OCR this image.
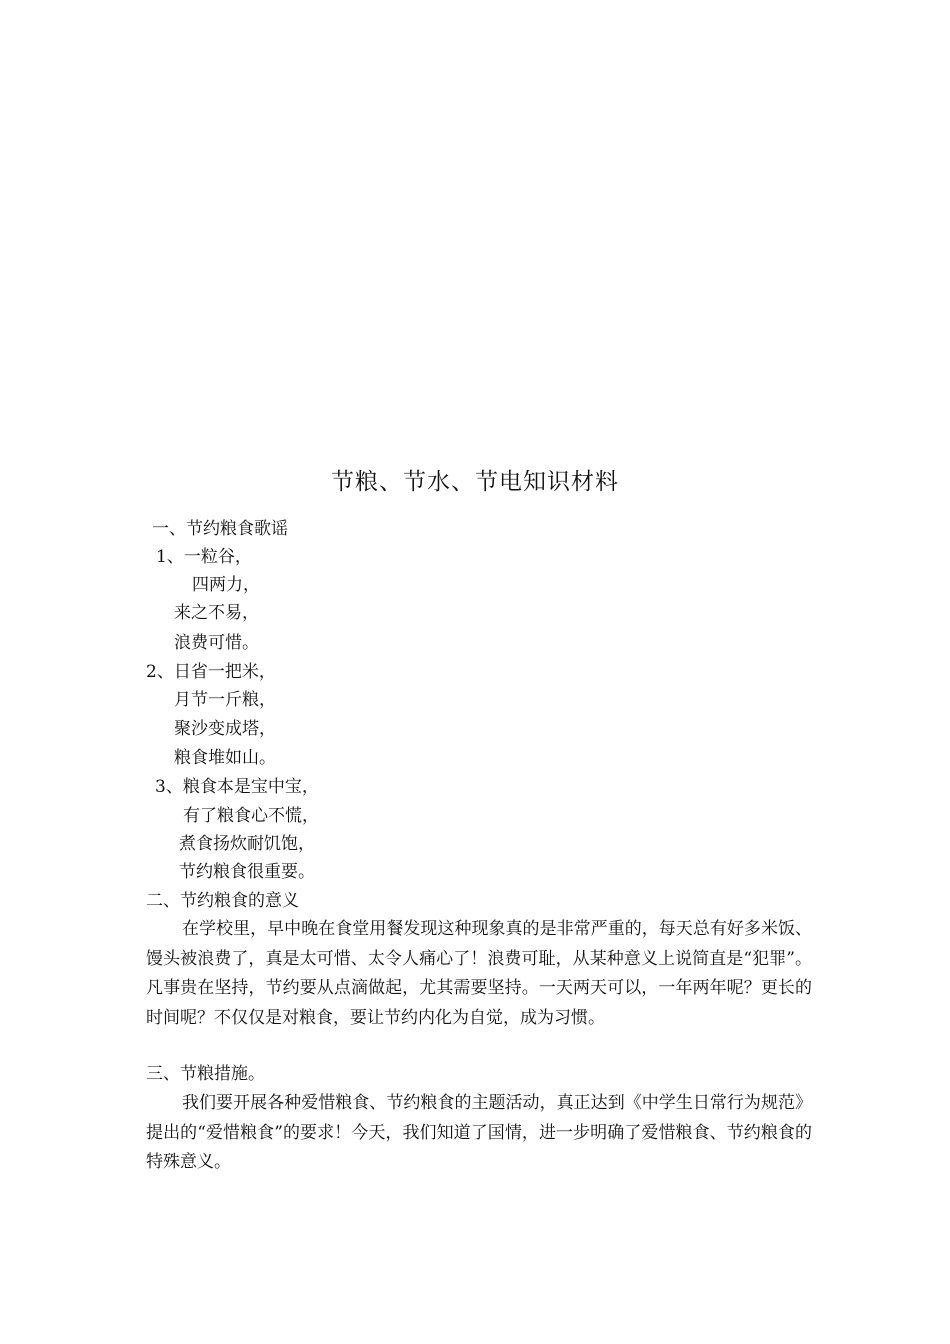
节粮、节水、节电知识材料

一、节约粮食歌谣

1、一粒谷，

四两力，

来之不易，

浪费可惜。

2、日省一把米，

月节一斤粮，

聚沙变成塔，

粮食堆如山。

3、粮食本是宝中宝，

有了粮食心不慌，

煮食扬炊耐饥饱，

节约粮食很重要。

二、节约粮食的意义

在学校里，早中晚在食堂用餐发现这种现象真的是非常严重的，每天总有好多米饭、馒头被浪费了，真是太可惜、太令人痛心了！浪费可耻，从某种意义上说简直是“犯罪”。凡事贵在坚持，节约要从点滴做起，尤其需要坚持。一天两天可以，一年两年呢？更长的时间呢？不仅仅是对粮食，要让节约内化为自觉，成为习惯。

三、节粮措施。

我们要开展各种爱惜粮食、节约粮食的主题活动，真正达到《中学生日常行为规范》提出的“爱惜粮食”的要求！今天，我们知道了国情，进一步明确了爱惜粮食、节约粮食的特殊意义。
